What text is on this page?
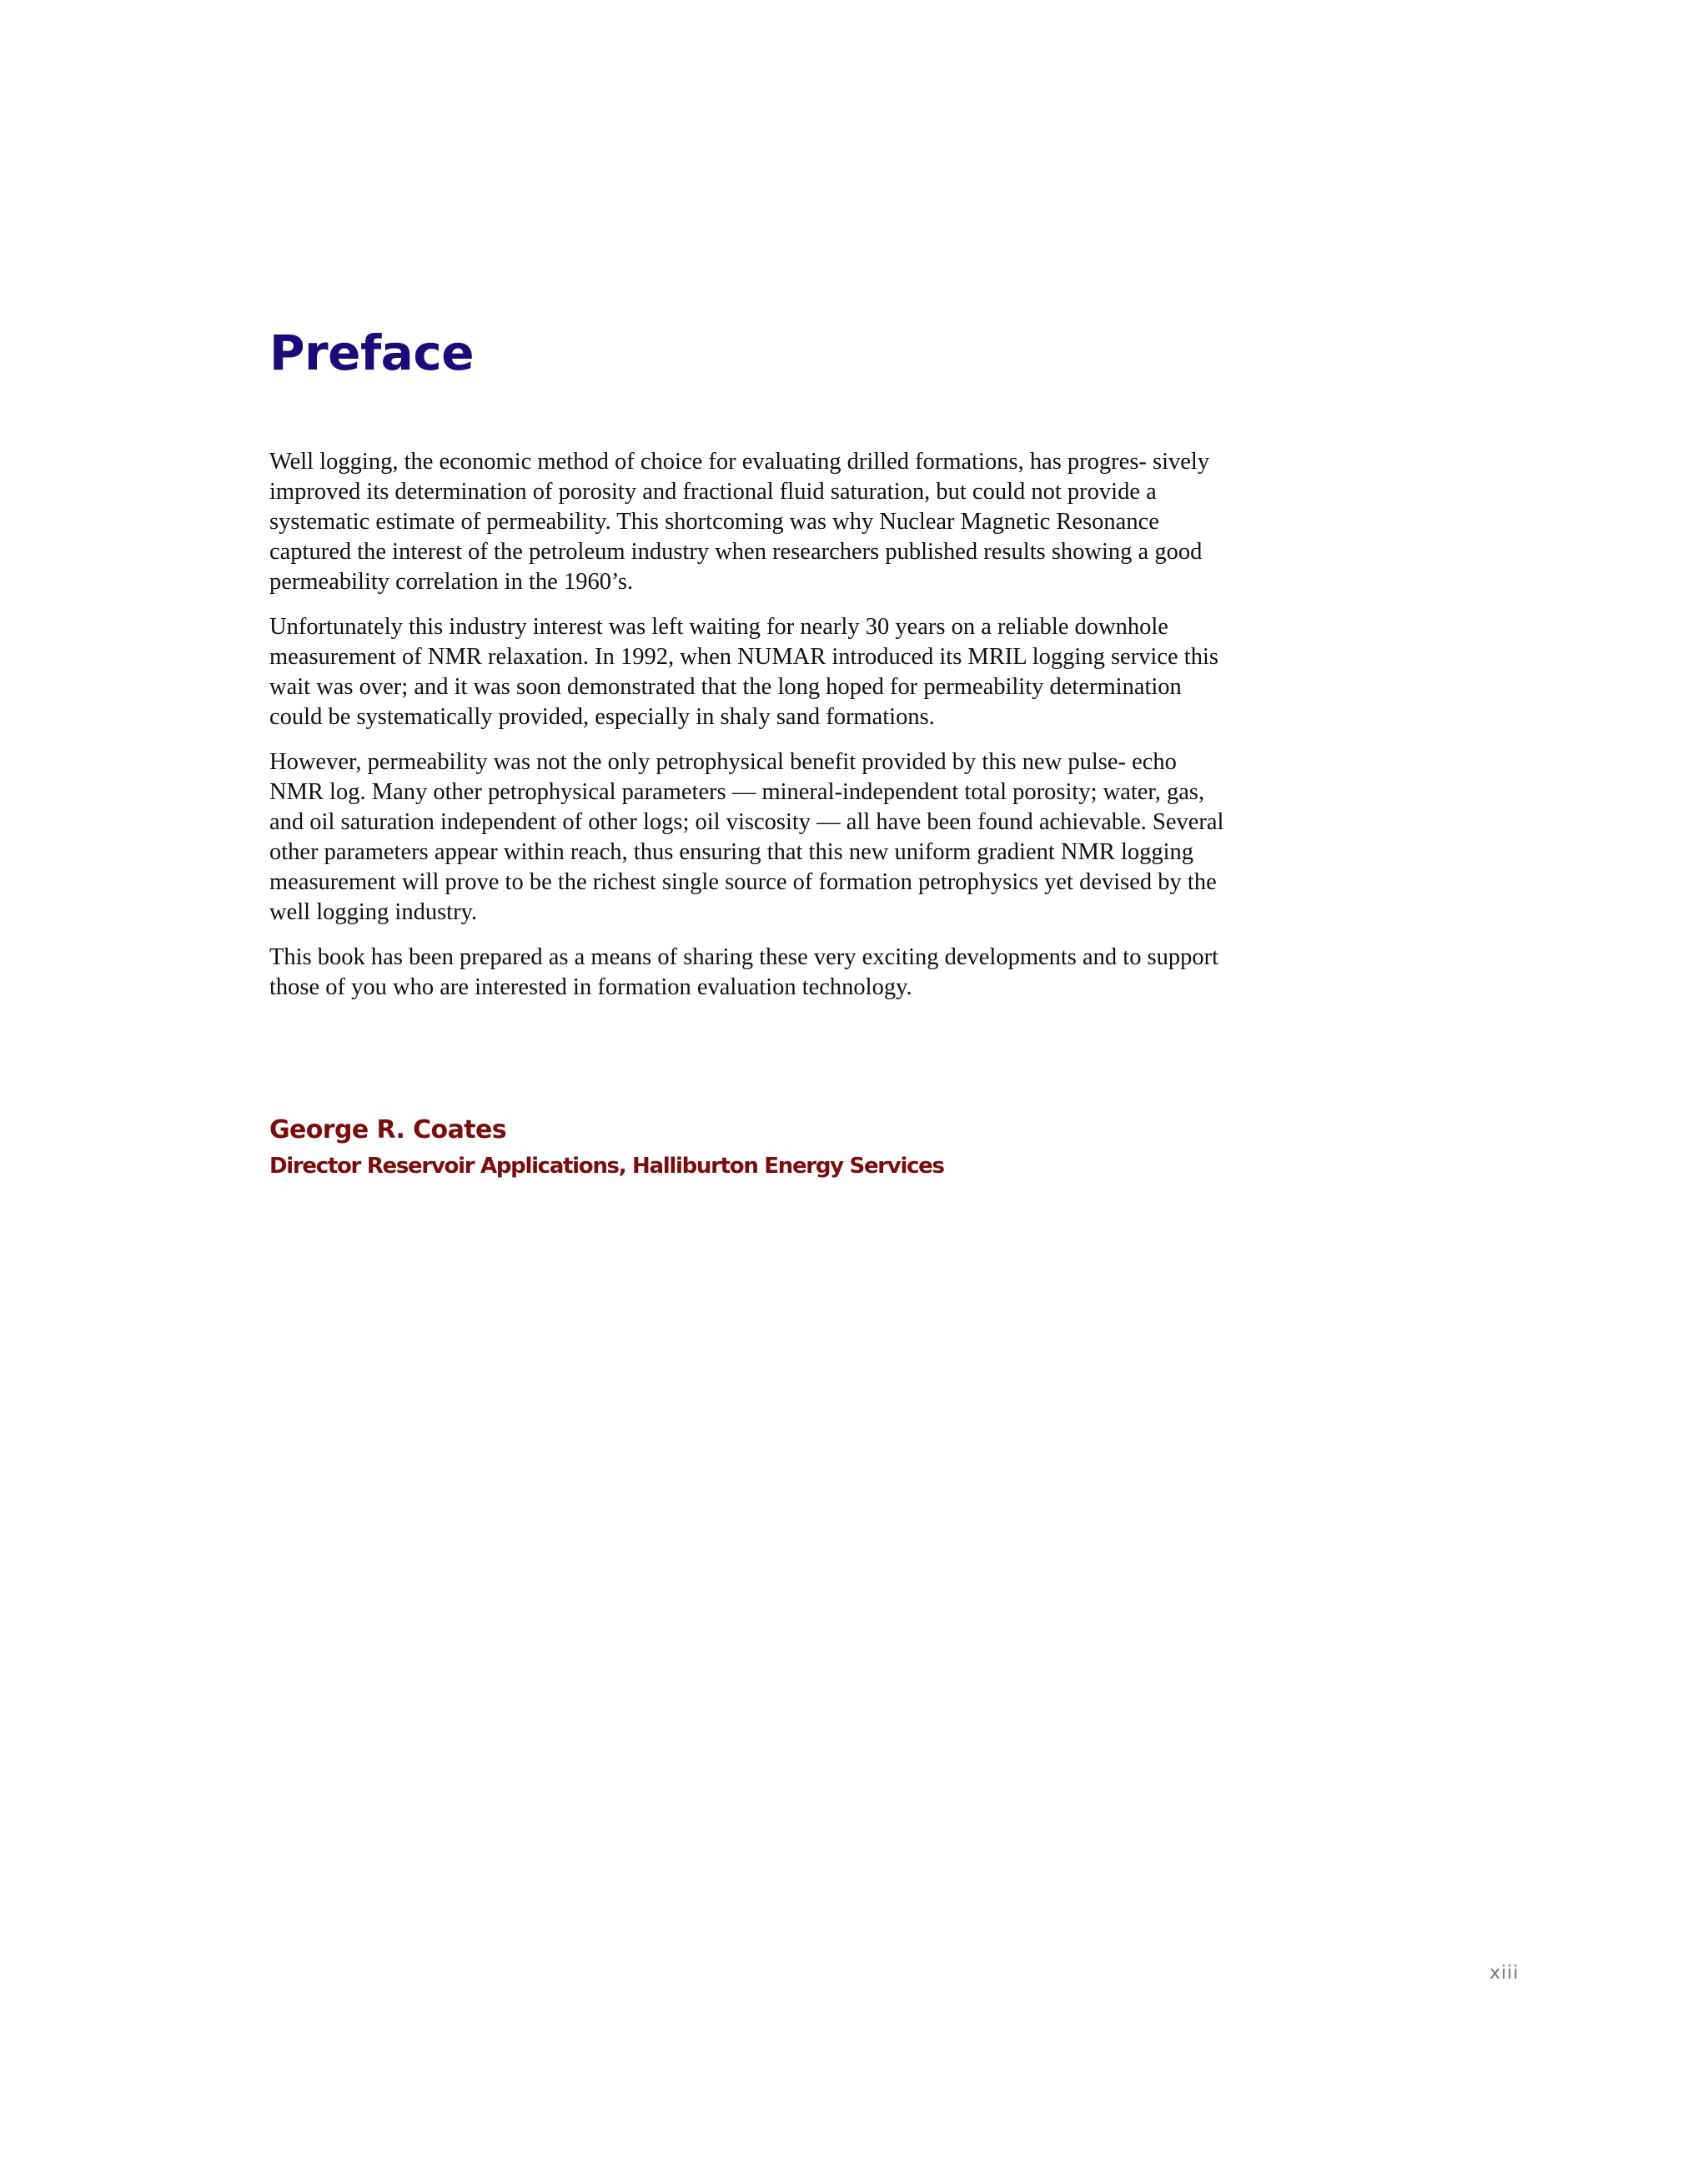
Preface

Well logging, the economic method of choice for evaluating drilled formations, has progres- sively improved its determination of porosity and fractional fluid saturation, but could not provide a systematic estimate of permeability. This shortcoming was why Nuclear Magnetic Resonance captured the interest of the petroleum industry when researchers published results showing a good permeability correlation in the 1960’s.

Unfortunately this industry interest was left waiting for nearly 30 years on a reliable downhole measurement of NMR relaxation. In 1992, when NUMAR introduced its MRIL logging service this wait was over; and it was soon demonstrated that the long hoped for permeability determination could be systematically provided, especially in shaly sand formations.

However, permeability was not the only petrophysical benefit provided by this new pulse- echo NMR log. Many other petrophysical parameters — mineral-independent total porosity; water, gas, and oil saturation independent of other logs; oil viscosity — all have been found achievable. Several other parameters appear within reach, thus ensuring that this new uniform gradient NMR logging measurement will prove to be the richest single source of formation petrophysics yet devised by the well logging industry.

This book has been prepared as a means of sharing these very exciting developments and to support those of you who are interested in formation evaluation technology.

George R. Coates
Director Reservoir Applications, Halliburton Energy Services
xiii
